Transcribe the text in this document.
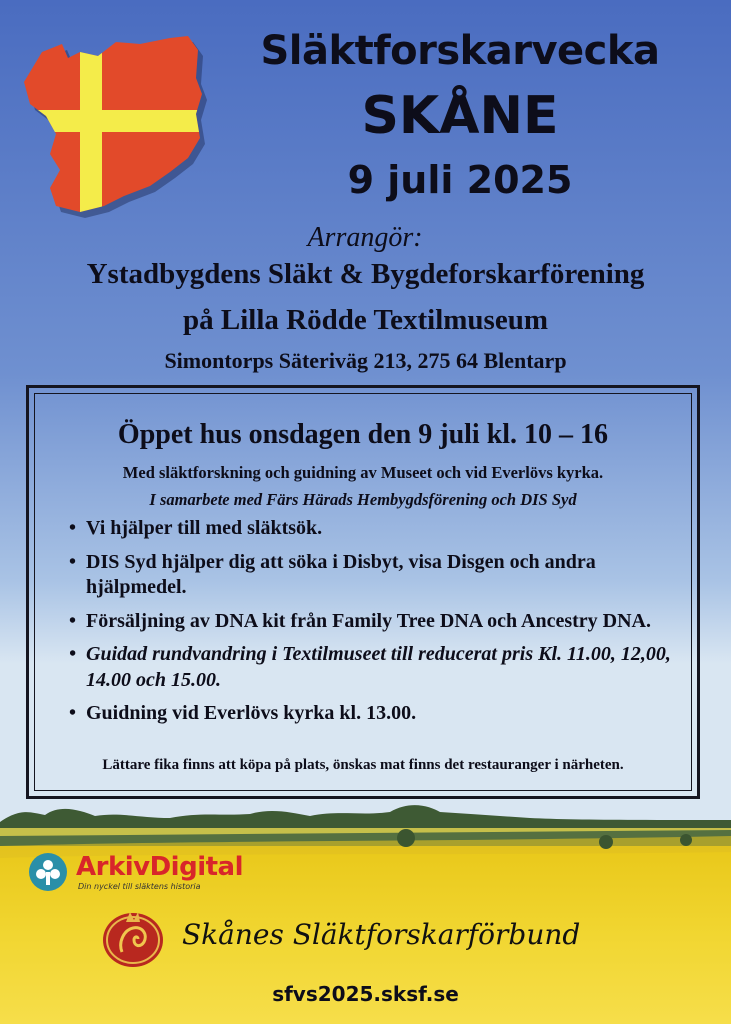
Släktforskarvecka
SKÅNE
9 juli 2025
Arrangör:
Ystadbygdens Släkt & Bygdeforskarförening
på Lilla Rödde Textilmuseum
Simontorps Säteriväg 213, 275 64 Blentarp
Öppet hus onsdagen den 9 juli kl. 10 – 16
Med släktforskning och guidning av Museet och vid Everlövs kyrka.
I samarbete med Färs Härads Hembygdsförening och DIS Syd
• Vi hjälper till med släktsök.
• DIS Syd hjälper dig att söka i Disbyt, visa Disgen och andra hjälpmedel.
• Försäljning av DNA kit från Family Tree DNA och Ancestry DNA.
• Guidad rundvandring i Textilmuseet till reducerat pris Kl. 11.00, 12,00, 14.00 och 15.00.
• Guidning vid Everlövs kyrka kl. 13.00.
Lättare fika finns att köpa på plats, önskas mat finns det restauranger i närheten.
ArkivDigital
Din nyckel till släktens historia
Skånes Släktforskarförbund
sfvs2025.sksf.se
